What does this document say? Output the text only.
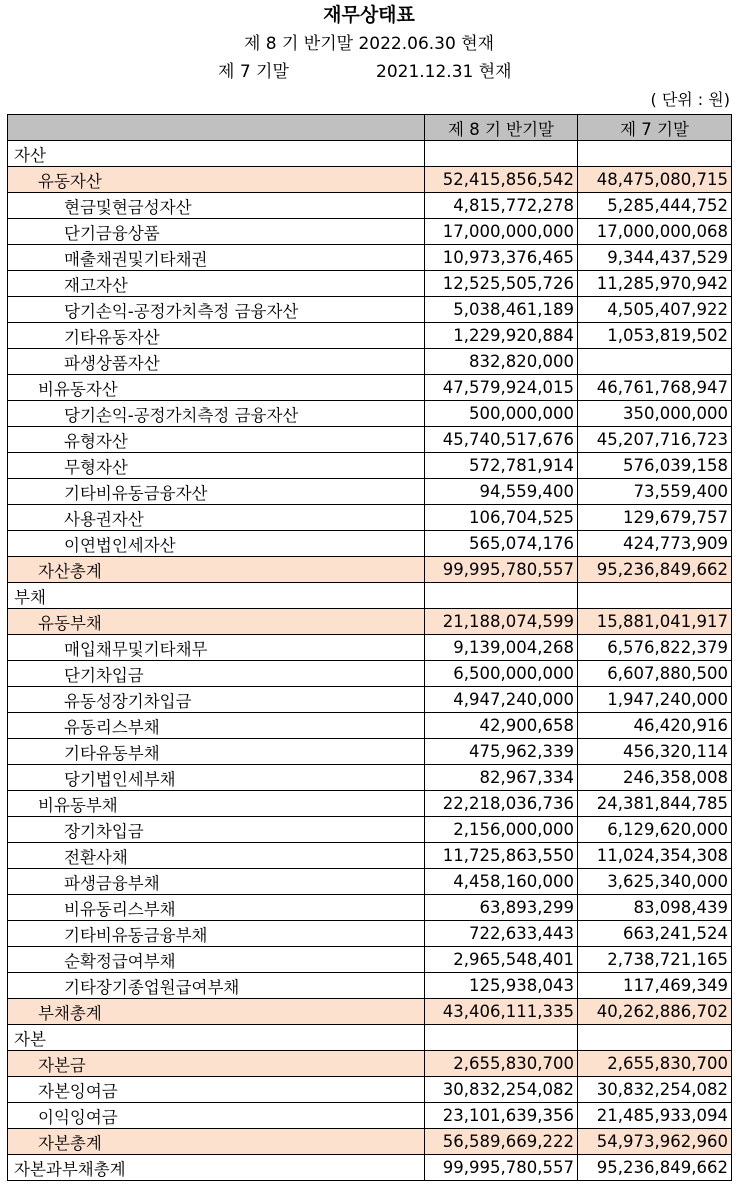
재무상태표
제 8 기 반기말 2022.06.30 현재
제 7 기말	2021.12.31 현재
( 단위 : 원)
	제 8 기 반기말	제 7 기말
자산		
유동자산	52,415,856,542	48,475,080,715
현금및현금성자산	4,815,772,278	5,285,444,752
단기금융상품	17,000,000,000	17,000,000,068
매출채권및기타채권	10,973,376,465	9,344,437,529
재고자산	12,525,505,726	11,285,970,942
당기손익-공정가치측정 금융자산	5,038,461,189	4,505,407,922
기타유동자산	1,229,920,884	1,053,819,502
파생상품자산	832,820,000	
비유동자산	47,579,924,015	46,761,768,947
당기손익-공정가치측정 금융자산	500,000,000	350,000,000
유형자산	45,740,517,676	45,207,716,723
무형자산	572,781,914	576,039,158
기타비유동금융자산	94,559,400	73,559,400
사용권자산	106,704,525	129,679,757
이연법인세자산	565,074,176	424,773,909
자산총계	99,995,780,557	95,236,849,662
부채		
유동부채	21,188,074,599	15,881,041,917
매입채무및기타채무	9,139,004,268	6,576,822,379
단기차입금	6,500,000,000	6,607,880,500
유동성장기차입금	4,947,240,000	1,947,240,000
유동리스부채	42,900,658	46,420,916
기타유동부채	475,962,339	456,320,114
당기법인세부채	82,967,334	246,358,008
비유동부채	22,218,036,736	24,381,844,785
장기차입금	2,156,000,000	6,129,620,000
전환사채	11,725,863,550	11,024,354,308
파생금융부채	4,458,160,000	3,625,340,000
비유동리스부채	63,893,299	83,098,439
기타비유동금융부채	722,633,443	663,241,524
순확정급여부채	2,965,548,401	2,738,721,165
기타장기종업원급여부채	125,938,043	117,469,349
부채총계	43,406,111,335	40,262,886,702
자본		
자본금	2,655,830,700	2,655,830,700
자본잉여금	30,832,254,082	30,832,254,082
이익잉여금	23,101,639,356	21,485,933,094
자본총계	56,589,669,222	54,973,962,960
자본과부채총계	99,995,780,557	95,236,849,662
